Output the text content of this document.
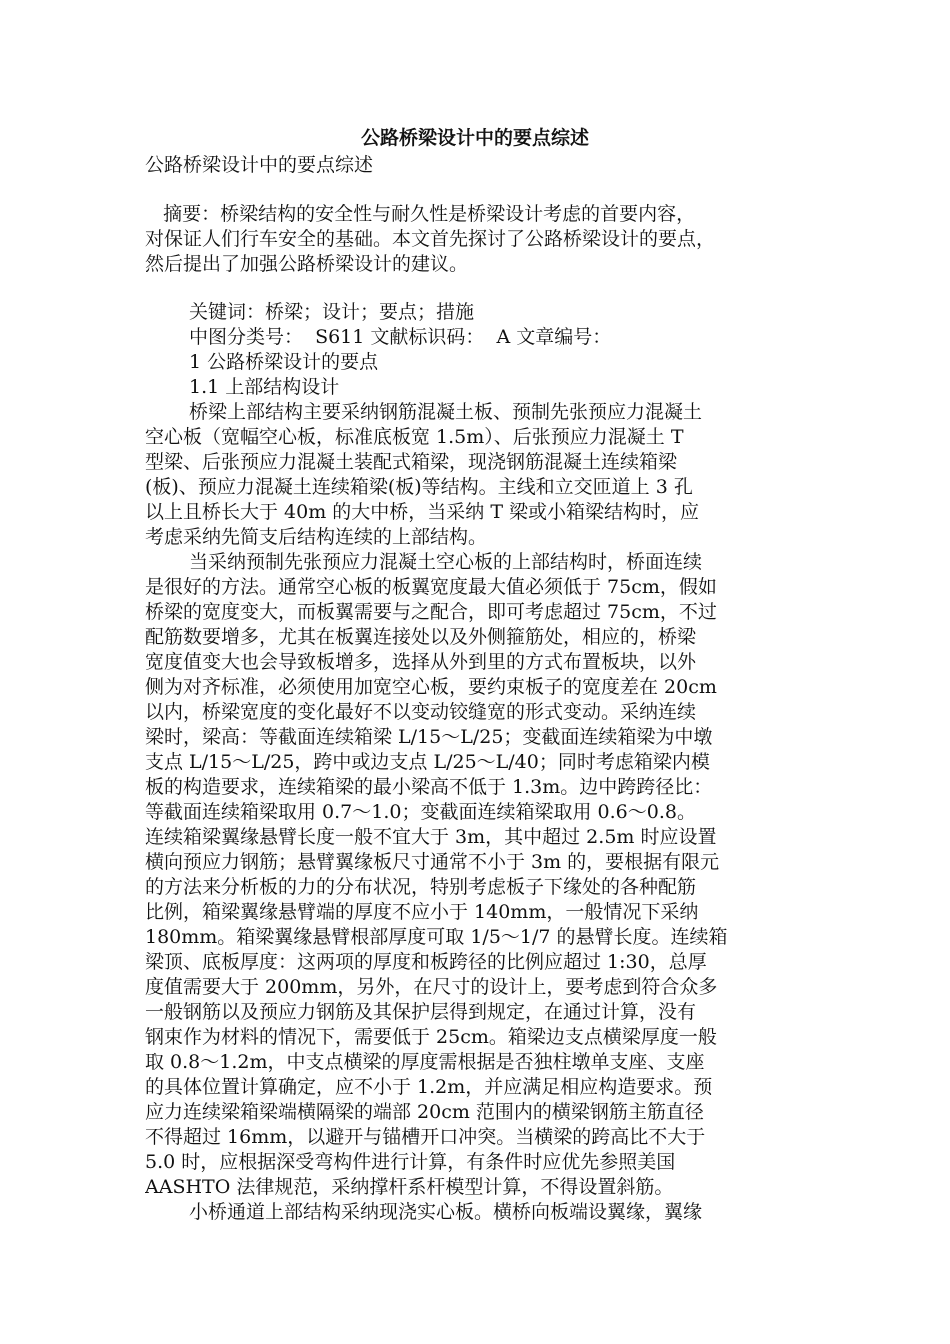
公路桥梁设计中的要点综述
公路桥梁设计中的要点综述
摘要：桥梁结构的安全性与耐久性是桥梁设计考虑的首要内容，
对保证人们行车安全的基础。本文首先探讨了公路桥梁设计的要点，
然后提出了加强公路桥梁设计的建议。
关键词：桥梁；设计；要点；措施
中图分类号：  S611 文献标识码：  A 文章编号：
1 公路桥梁设计的要点
1.1 上部结构设计
桥梁上部结构主要采纳钢筋混凝土板、预制先张预应力混凝土
空心板（宽幅空心板，标准底板宽 1.5m）、后张预应力混凝土 T
型梁、后张预应力混凝土装配式箱梁，现浇钢筋混凝土连续箱梁
(板)、预应力混凝土连续箱梁(板)等结构。主线和立交匝道上 3 孔
以上且桥长大于 40m 的大中桥，当采纳 T 梁或小箱梁结构时，应
考虑采纳先简支后结构连续的上部结构。
当采纳预制先张预应力混凝土空心板的上部结构时，桥面连续
是很好的方法。通常空心板的板翼宽度最大值必须低于 75cm，假如
桥梁的宽度变大，而板翼需要与之配合，即可考虑超过 75cm，不过
配筋数要增多，尤其在板翼连接处以及外侧箍筋处，相应的，桥梁
宽度值变大也会导致板增多，选择从外到里的方式布置板块，以外
侧为对齐标准，必须使用加宽空心板，要约束板子的宽度差在 20cm
以内，桥梁宽度的变化最好不以变动铰缝宽的形式变动。采纳连续
梁时，梁高：等截面连续箱梁 L/15～L/25；变截面连续箱梁为中墩
支点 L/15～L/25，跨中或边支点 L/25～L/40；同时考虑箱梁内模
板的构造要求，连续箱梁的最小梁高不低于 1.3m。边中跨跨径比：
等截面连续箱梁取用 0.7～1.0；变截面连续箱梁取用 0.6～0.8。
连续箱梁翼缘悬臂长度一般不宜大于 3m，其中超过 2.5m 时应设置
横向预应力钢筋；悬臂翼缘板尺寸通常不小于 3m 的，要根据有限元
的方法来分析板的力的分布状况，特别考虑板子下缘处的各种配筋
比例，箱梁翼缘悬臂端的厚度不应小于 140mm，一般情况下采纳
180mm。箱梁翼缘悬臂根部厚度可取 1/5～1/7 的悬臂长度。连续箱
梁顶、底板厚度：这两项的厚度和板跨径的比例应超过 1:30，总厚
度值需要大于 200mm，另外，在尺寸的设计上，要考虑到符合众多
一般钢筋以及预应力钢筋及其保护层得到规定，在通过计算，没有
钢束作为材料的情况下，需要低于 25cm。箱梁边支点横梁厚度一般
取 0.8～1.2m，中支点横梁的厚度需根据是否独柱墩单支座、支座
的具体位置计算确定，应不小于 1.2m，并应满足相应构造要求。预
应力连续梁箱梁端横隔梁的端部 20cm 范围内的横梁钢筋主筋直径
不得超过 16mm，以避开与锚槽开口冲突。当横梁的跨高比不大于
5.0 时，应根据深受弯构件进行计算，有条件时应优先参照美国
AASHTO 法律规范，采纳撑杆系杆模型计算，不得设置斜筋。
小桥通道上部结构采纳现浇实心板。横桥向板端设翼缘，翼缘
